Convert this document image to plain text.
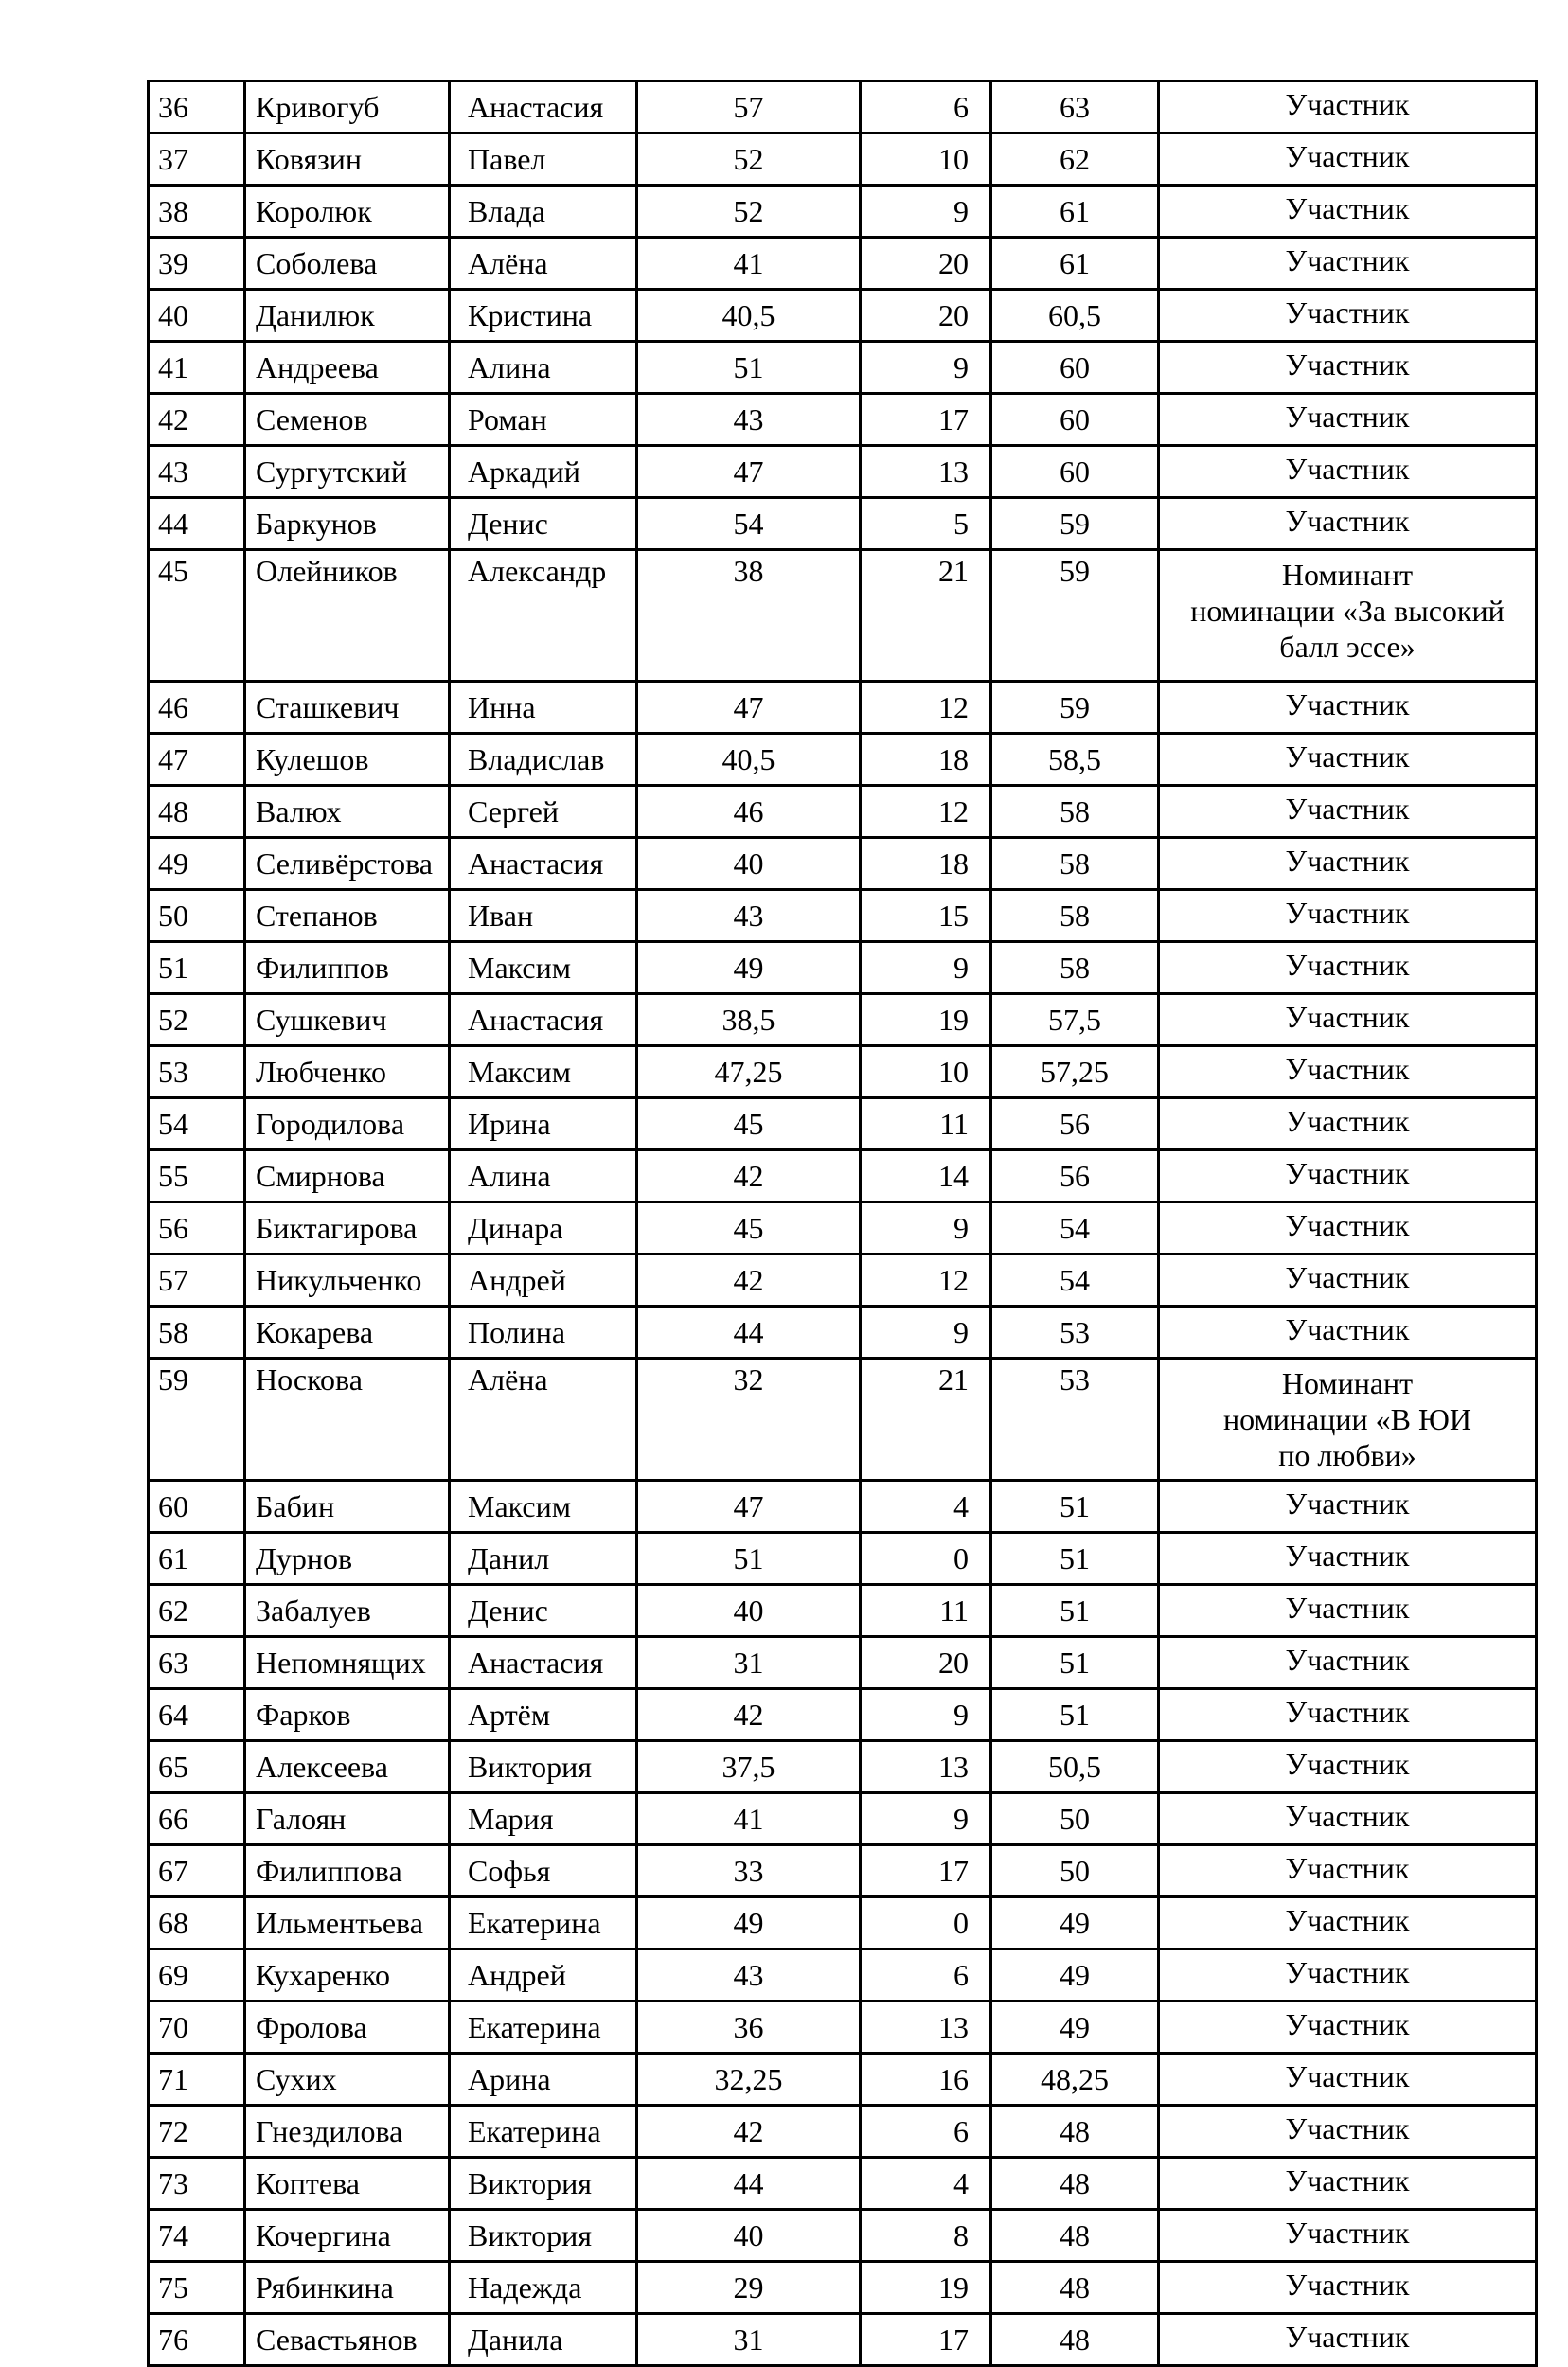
36	Кривогуб	Анастасия	57	6	63	Участник
37	Ковязин	Павел	52	10	62	Участник
38	Королюк	Влада	52	9	61	Участник
39	Соболева	Алёна	41	20	61	Участник
40	Данилюк	Кристина	40,5	20	60,5	Участник
41	Андреева	Алина	51	9	60	Участник
42	Семенов	Роман	43	17	60	Участник
43	Сургутский	Аркадий	47	13	60	Участник
44	Баркунов	Денис	54	5	59	Участник
45	Олейников	Александр	38	21	59	Номинант
номинации «За высокий
балл эссе»

46	Сташкевич	Инна	47	12	59	Участник
47	Кулешов	Владислав	40,5	18	58,5	Участник
48	Валюх	Сергей	46	12	58	Участник
49	Селивёрстова	Анастасия	40	18	58	Участник
50	Степанов	Иван	43	15	58	Участник
51	Филиппов	Максим	49	9	58	Участник
52	Сушкевич	Анастасия	38,5	19	57,5	Участник
53	Любченко	Максим	47,25	10	57,25	Участник
54	Городилова	Ирина	45	11	56	Участник
55	Смирнова	Алина	42	14	56	Участник
56	Биктагирова	Динара	45	9	54	Участник
57	Никульченко	Андрей	42	12	54	Участник
58	Кокарева	Полина	44	9	53	Участник
59	Носкова	Алёна	32	21	53	Номинант
номинации «В ЮИ
по любви»

60	Бабин	Максим	47	4	51	Участник
61	Дурнов	Данил	51	0	51	Участник
62	Забалуев	Денис	40	11	51	Участник
63	Непомнящих	Анастасия	31	20	51	Участник
64	Фарков	Артём	42	9	51	Участник
65	Алексеева	Виктория	37,5	13	50,5	Участник
66	Галоян	Мария	41	9	50	Участник
67	Филиппова	Софья	33	17	50	Участник
68	Ильментьева	Екатерина	49	0	49	Участник
69	Кухаренко	Андрей	43	6	49	Участник
70	Фролова	Екатерина	36	13	49	Участник
71	Сухих	Арина	32,25	16	48,25	Участник
72	Гнездилова	Екатерина	42	6	48	Участник
73	Коптева	Виктория	44	4	48	Участник
74	Кочергина	Виктория	40	8	48	Участник
75	Рябинкина	Надежда	29	19	48	Участник
76	Севастьянов	Данила	31	17	48	Участник
